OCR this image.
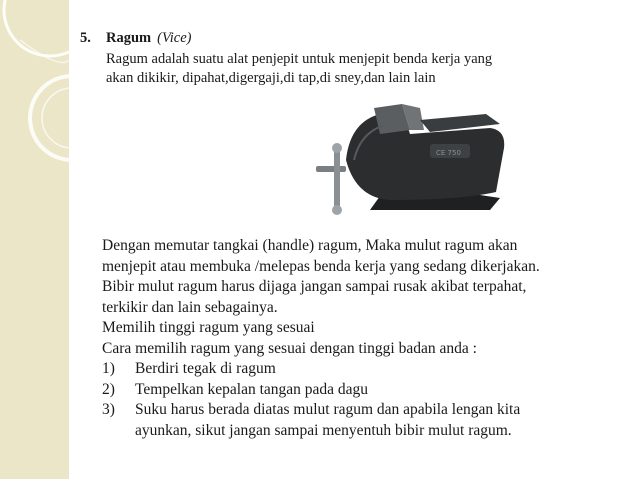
5. Ragum (Vice)
Ragum adalah suatu alat penjepit untuk menjepit benda kerja yang
akan dikikir, dipahat,digergaji,di tap,di sney,dan lain lain
CE 750
Dengan memutar tangkai (handle) ragum, Maka mulut ragum akan
menjepit atau membuka /melepas benda kerja yang sedang dikerjakan.
Bibir mulut ragum harus dijaga jangan sampai rusak akibat terpahat,
terkikir dan lain sebagainya.
Memilih tinggi ragum yang sesuai
Cara memilih ragum yang sesuai dengan tinggi badan anda :
1)	Berdiri tegak di ragum
2)	Tempelkan kepalan tangan pada dagu
3)	Suku harus berada diatas mulut ragum dan apabila lengan kita
ayunkan, sikut jangan sampai menyentuh bibir mulut ragum.
